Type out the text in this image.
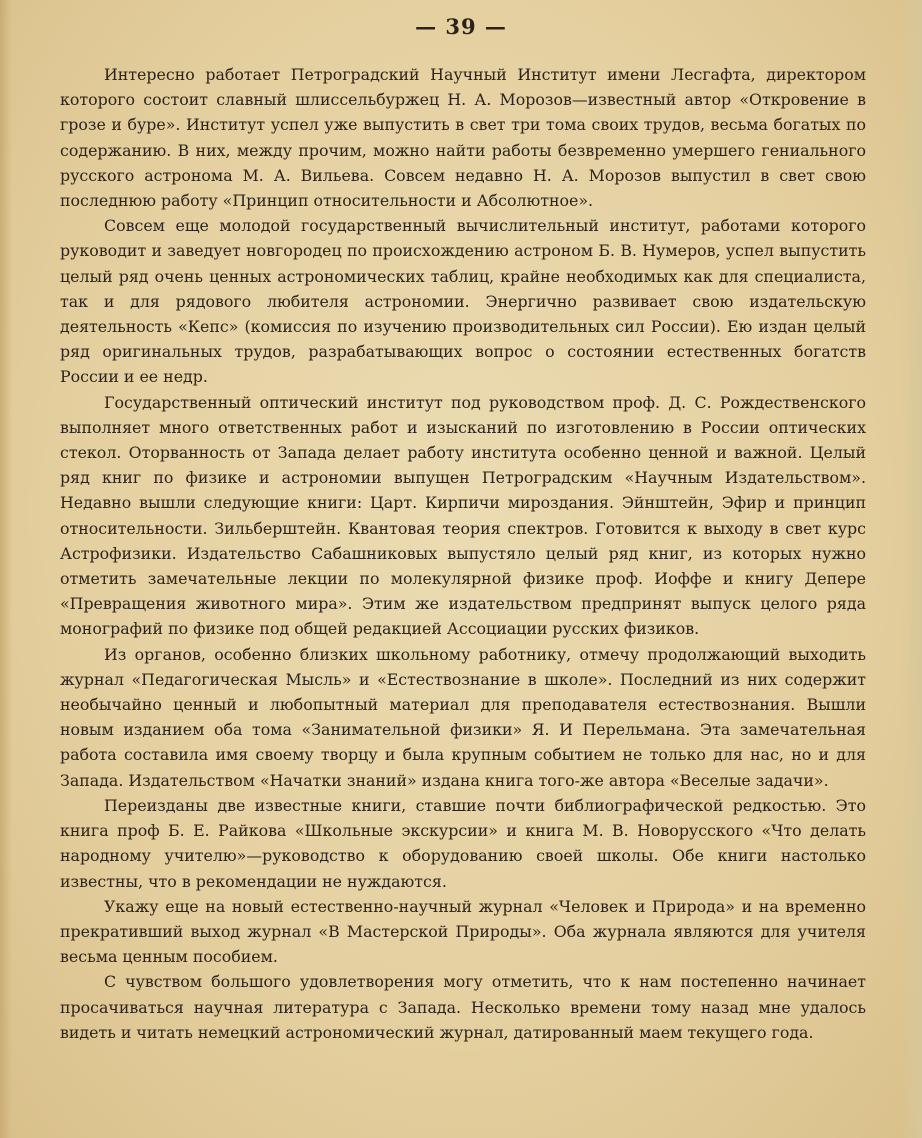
— 39 —

Интересно работает Петроградский Научный Институт имени Лесгафта, директором которого состоит славный шлиссельбуржец Н. А. Морозов—известный автор «Откровение в грозе и буре». Институт успел уже выпустить в свет три тома своих трудов, весьма богатых по содержанию. В них, между прочим, можно найти работы безвременно умершего гениального русского астронома М. А. Вильева. Совсем недавно Н. А. Морозов выпустил в свет свою последнюю работу «Принцип относительности и Абсолютное».

Совсем еще молодой государственный вычислительный институт, работами которого руководит и заведует новгородец по происхождению астроном Б. В. Нумеров, успел выпустить целый ряд очень ценных астрономических таблиц, крайне необходимых как для специалиста, так и для рядового любителя астрономии. Энергично развивает свою издательскую деятельность «Кепс» (комиссия по изучению производительных сил России). Ею издан целый ряд оригинальных трудов, разрабатывающих вопрос о состоянии естественных богатств России и ее недр.

Государственный оптический институт под руководством проф. Д. С. Рождественского выполняет много ответственных работ и изысканий по изготовлению в России оптических стекол. Оторванность от Запада делает работу института особенно ценной и важной. Целый ряд книг по физике и астрономии выпущен Петроградским «Научным Издательством». Недавно вышли следующие книги: Царт. Кирпичи мироздания. Эйнштейн, Эфир и принцип относительности. Зильберштейн. Квантовая теория спектров. Готовится к выходу в свет курс Астрофизики. Издательство Сабашниковых выпустяло целый ряд книг, из которых нужно отметить замечательные лекции по молекулярной физике проф. Иоффе и книгу Депере «Превращения животного мира». Этим же издательством предпринят выпуск целого ряда монографий по физике под общей редакцией Ассоциации русских физиков.

Из органов, особенно близких школьному работнику, отмечу продолжающий выходить журнал «Педагогическая Мысль» и «Естествознание в школе». Последний из них содержит необычайно ценный и любопытный материал для преподавателя естествознания. Вышли новым изданием оба тома «Занимательной физики» Я. И Перельмана. Эта замечательная работа составила имя своему творцу и была крупным событием не только для нас, но и для Запада. Издательством «Начатки знаний» издана книга того-же автора «Веселые задачи».

Переизданы две известные книги, ставшие почти библиографической редкостью. Это книга проф Б. Е. Райкова «Школьные экскурсии» и книга М. В. Новорусского «Что делать народному учителю»—руководство к оборудованию своей школы. Обе книги настолько известны, что в рекомендации не нуждаются.

Укажу еще на новый естественно-научный журнал «Человек и Природа» и на временно прекративший выход журнал «В Мастерской Природы». Оба журнала являются для учителя весьма ценным пособием.

С чувством большого удовлетворения могу отметить, что к нам постепенно начинает просачиваться научная литература с Запада. Несколько времени тому назад мне удалось видеть и читать немецкий астрономический журнал, датированный маем текущего года.
